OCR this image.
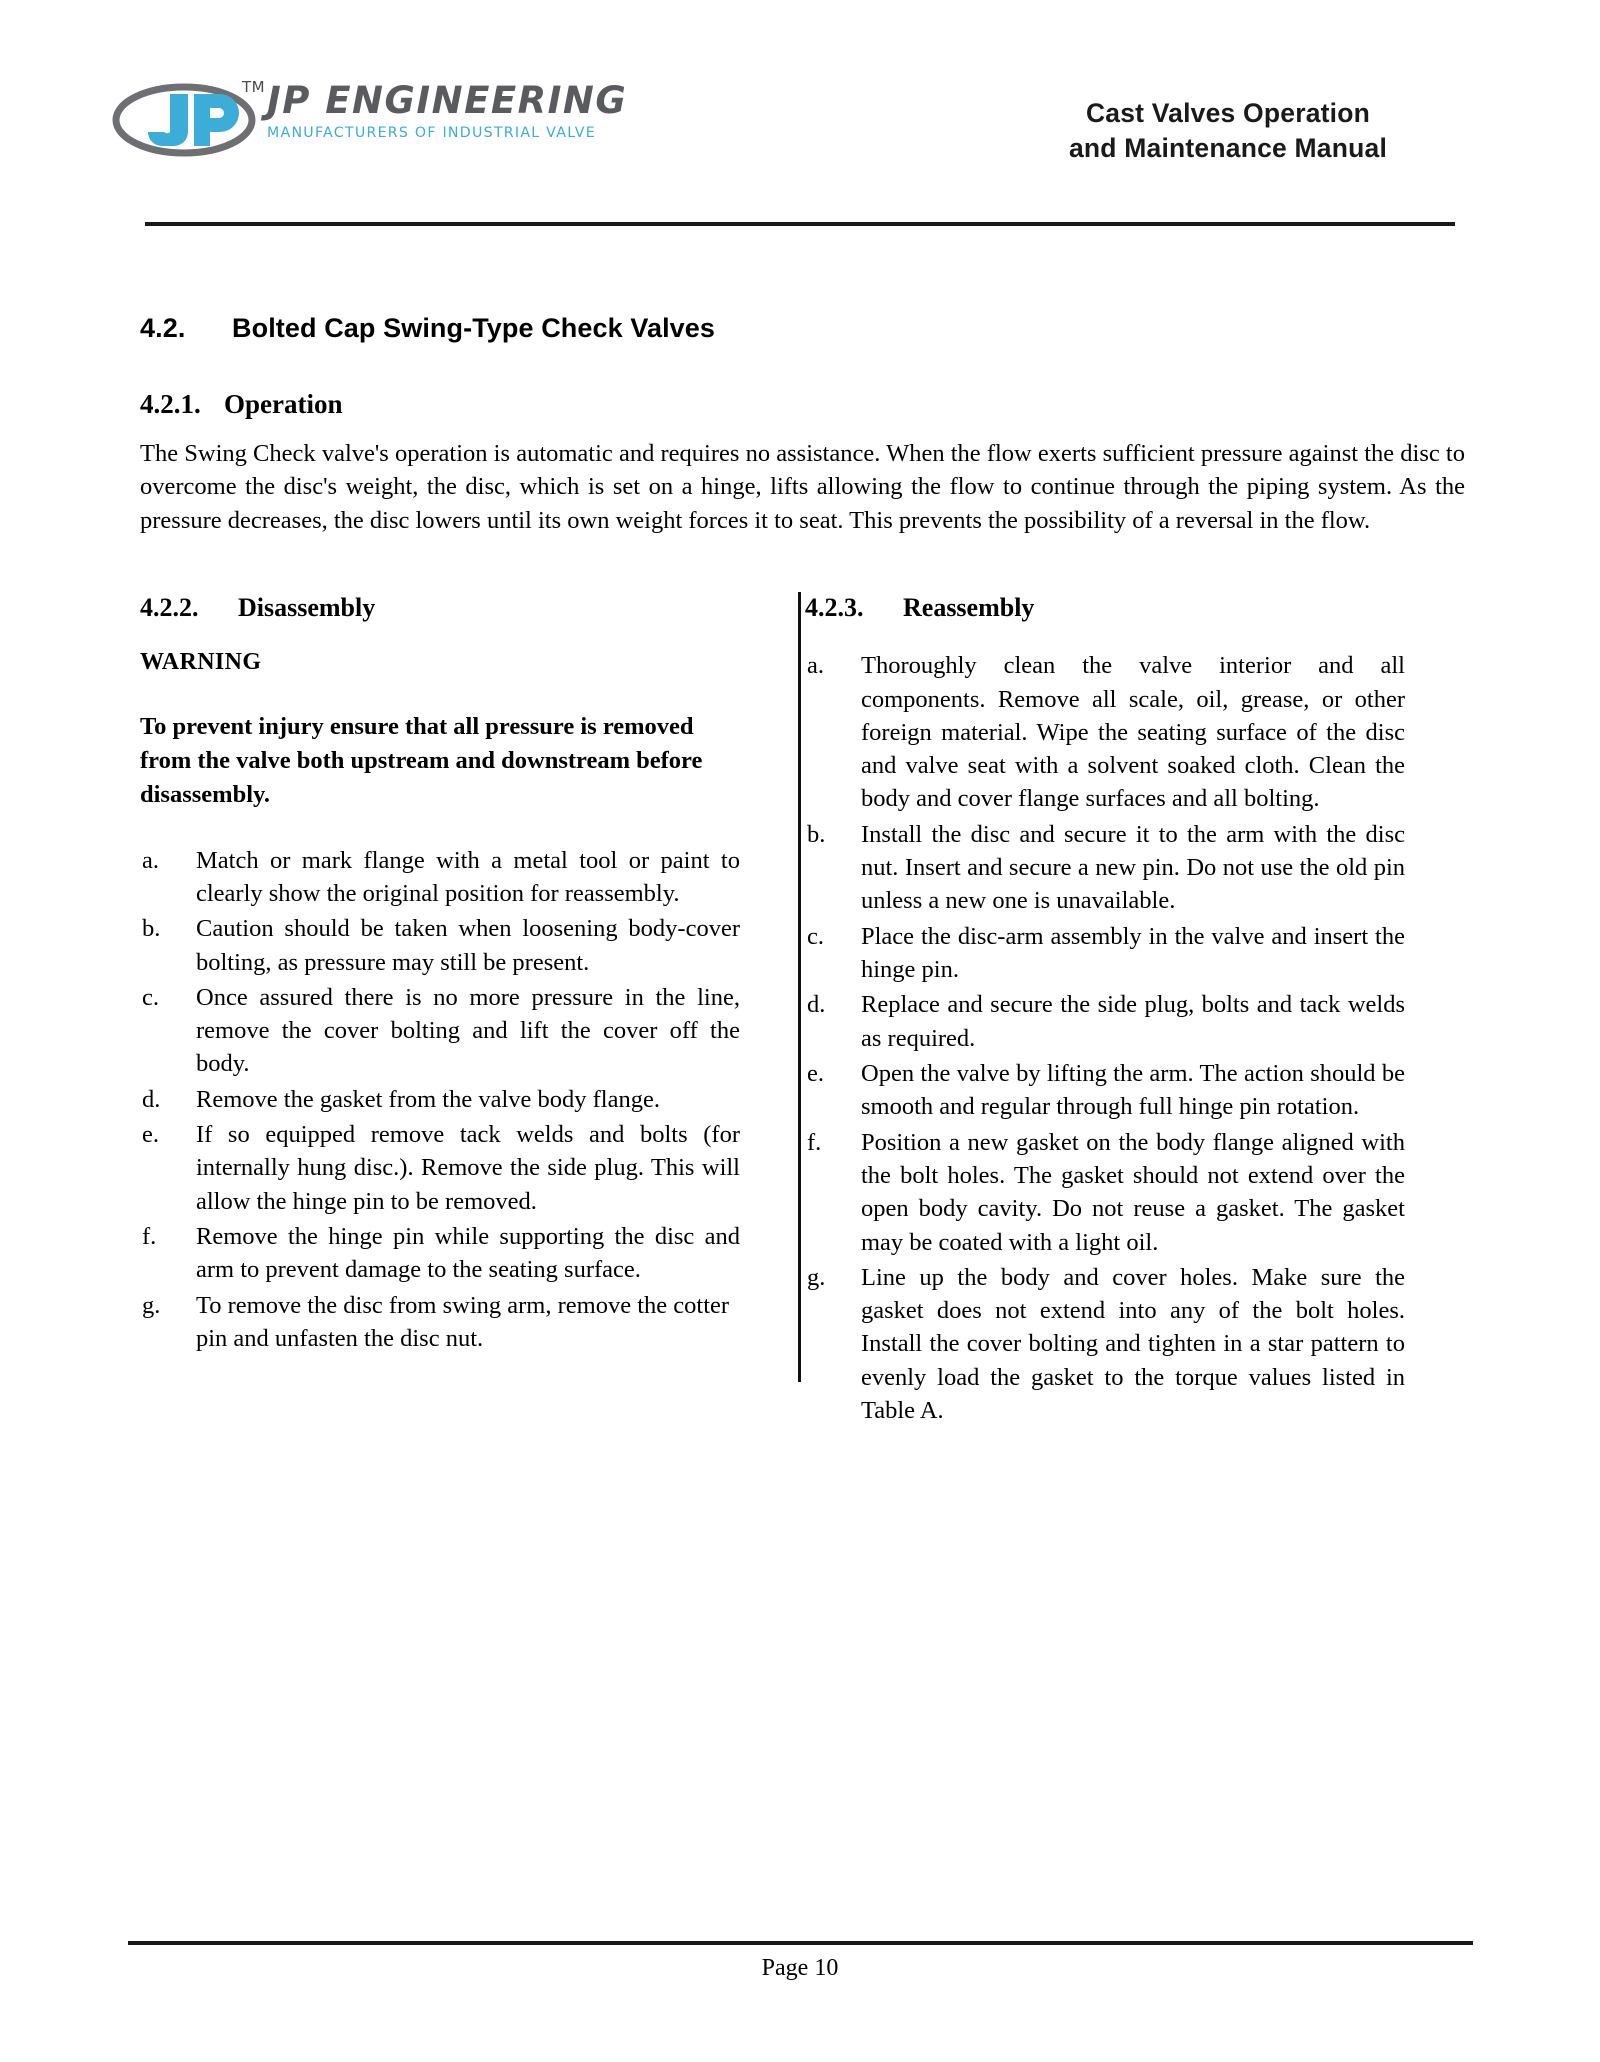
TM JP ENGINEERING
MANUFACTURERS OF INDUSTRIAL VALVE
Cast Valves Operation
and Maintenance Manual
4.2. Bolted Cap Swing-Type Check Valves
4.2.1. Operation

The Swing Check valve's operation is automatic and requires no assistance. When the flow exerts sufficient pressure against the disc to overcome the disc's weight, the disc, which is set on a hinge, lifts allowing the flow to continue through the piping system. As the pressure decreases, the disc lowers until its own weight forces it to seat. This prevents the possibility of a reversal in the flow.

4.2.2. Disassembly

WARNING

To prevent injury ensure that all pressure is removed from the valve both upstream and downstream before disassembly.

a.	Match or mark flange with a metal tool or paint to clearly show the original position for reassembly.
b.	Caution should be taken when loosening body-cover bolting, as pressure may still be present.
c.	Once assured there is no more pressure in the line, remove the cover bolting and lift the cover off the body.
d.	Remove the gasket from the valve body flange.
e.	If so equipped remove tack welds and bolts (for internally hung disc.). Remove the side plug. This will allow the hinge pin to be removed.
f.	Remove the hinge pin while supporting the disc and arm to prevent damage to the seating surface.
g.	To remove the disc from swing arm, remove the cotter pin and unfasten the disc nut.
4.2.3. Reassembly
a.	Thoroughly clean the valve interior and all components. Remove all scale, oil, grease, or other foreign material. Wipe the seating surface of the disc and valve seat with a solvent soaked cloth. Clean the body and cover flange surfaces and all bolting.
b.	Install the disc and secure it to the arm with the disc nut. Insert and secure a new pin. Do not use the old pin unless a new one is unavailable.
c.	Place the disc-arm assembly in the valve and insert the hinge pin.
d.	Replace and secure the side plug, bolts and tack welds as required.
e.	Open the valve by lifting the arm. The action should be smooth and regular through full hinge pin rotation.
f.	Position a new gasket on the body flange aligned with the bolt holes. The gasket should not extend over the open body cavity. Do not reuse a gasket. The gasket may be coated with a light oil.
g.	Line up the body and cover holes. Make sure the gasket does not extend into any of the bolt holes. Install the cover bolting and tighten in a star pattern to evenly load the gasket to the torque values listed in Table A.
Page 10
